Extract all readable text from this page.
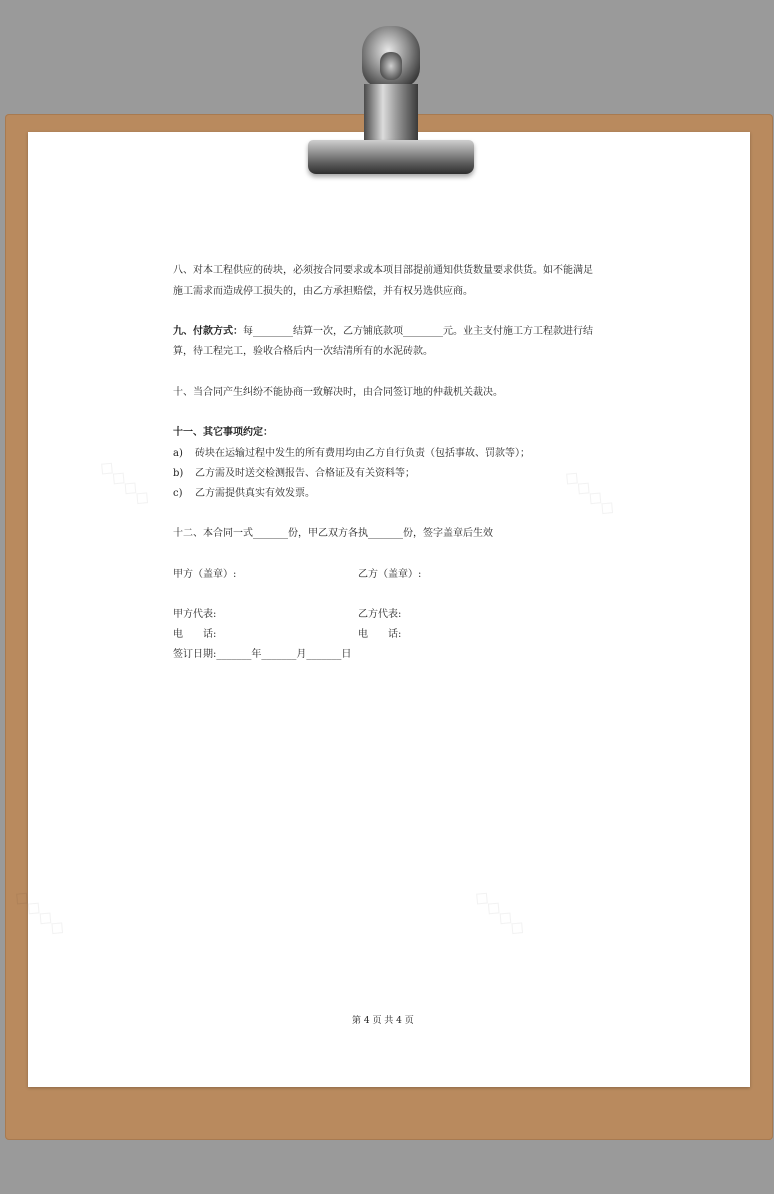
八、对本工程供应的砖块，必须按合同要求或本项目部提前通知供货数量要求供货。如不能满足
施工需求而造成停工损失的，由乙方承担赔偿，并有权另选供应商。
九、付款方式：每________结算一次，乙方铺底款项________元。业主支付施工方工程款进行结
算，待工程完工，验收合格后内一次结清所有的水泥砖款。
十、当合同产生纠纷不能协商一致解决时，由合同签订地的仲裁机关裁决。
十一、其它事项约定：
a) 砖块在运输过程中发生的所有费用均由乙方自行负责（包括事故、罚款等）；
b) 乙方需及时送交检测报告、合格证及有关资料等；
c) 乙方需提供真实有效发票。
十二、本合同一式_______份，甲乙双方各执_______份，签字盖章后生效
甲方（盖章）:	乙方（盖章）:
甲方代表:	乙方代表:
电　　话:	电　　话:
签订日期:_______年_______月_______日
第 4 页 共 4 页
◇◇◇◇	◇◇◇◇
◇◇◇◇	◇◇◇◇
